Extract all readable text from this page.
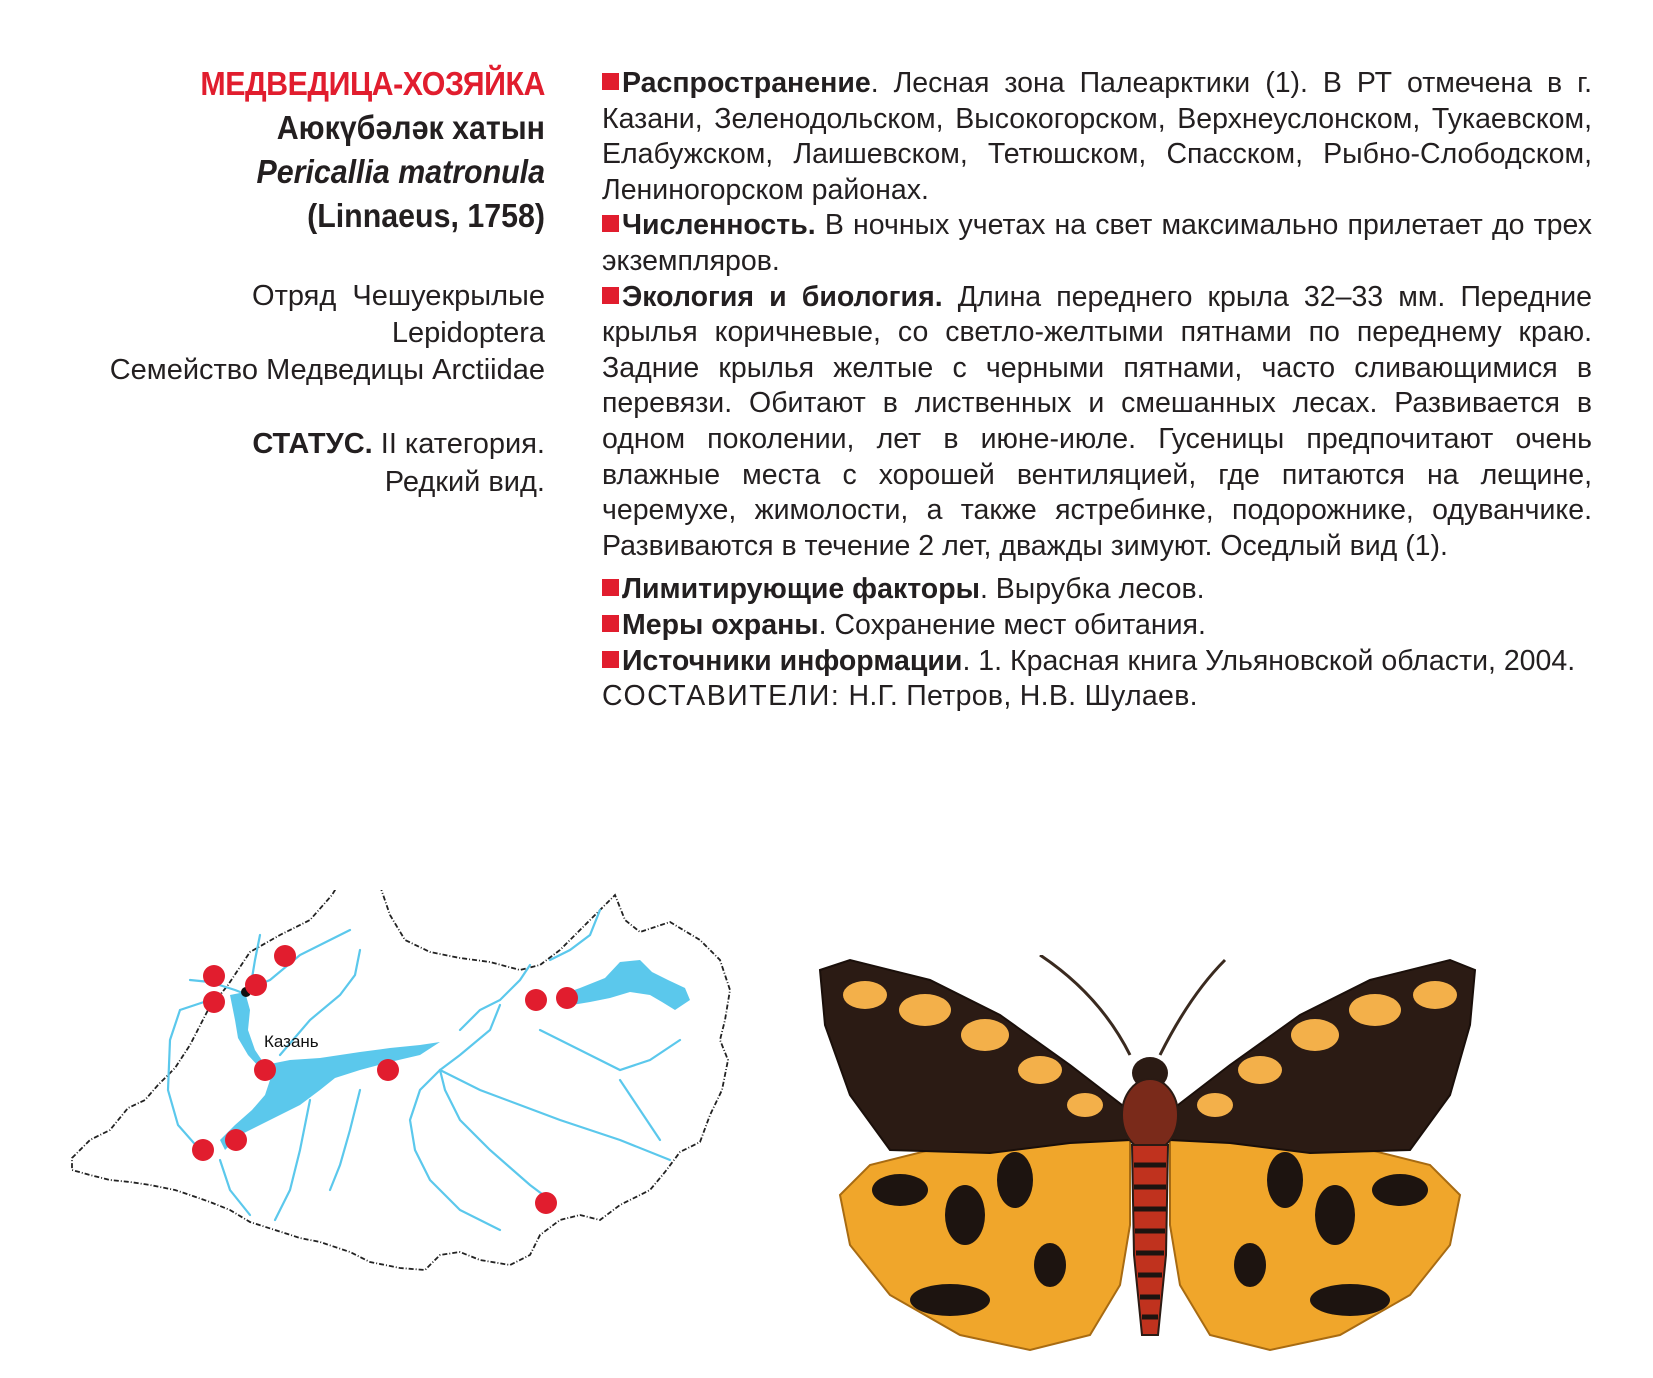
МЕДВЕДИЦА-ХОЗЯЙКА
Аюкүбәләк хатын
Pericallia matronula
(Linnaeus, 1758)
Отряд  Чешуекрылые
Lepidoptera
Семейство Медведицы Arctiidae
СТАТУС. II категория.
Редкий вид.

Распространение. Лесная зона Палеарктики (1). В РТ отмечена в г. Казани, Зеленодольском, Высокогорском, Верхнеуслонском, Тукаевском, Елабужском, Лаишевском, Тетюшском, Спасском, Рыбно-Слободском, Лениногорском районах.

Численность. В ночных учетах на свет максимально прилетает до трех экземпляров.

Экология и биология. Длина переднего крыла 32–33 мм. Передние крылья коричневые, со светло-желтыми пятнами по переднему краю. Задние крылья желтые с черными пятнами, часто сливающимися в перевязи. Обитают в лиственных и смешанных лесах. Развивается в одном поколении, лет в июне-июле. Гусеницы предпочитают очень влажные места с хорошей вентиляцией, где питаются на лещине, черемухе, жимолости, а также ястребинке, подорожнике, одуванчике. Развиваются в течение 2 лет, дважды зимуют. Оседлый вид (1).

Лимитирующие факторы. Вырубка лесов.

Меры охраны. Сохранение мест обитания.

Источники информации. 1. Красная книга Ульяновской области, 2004.

СОСТАВИТЕЛИ: Н.Г. Петров, Н.В. Шулаев.

Казань
